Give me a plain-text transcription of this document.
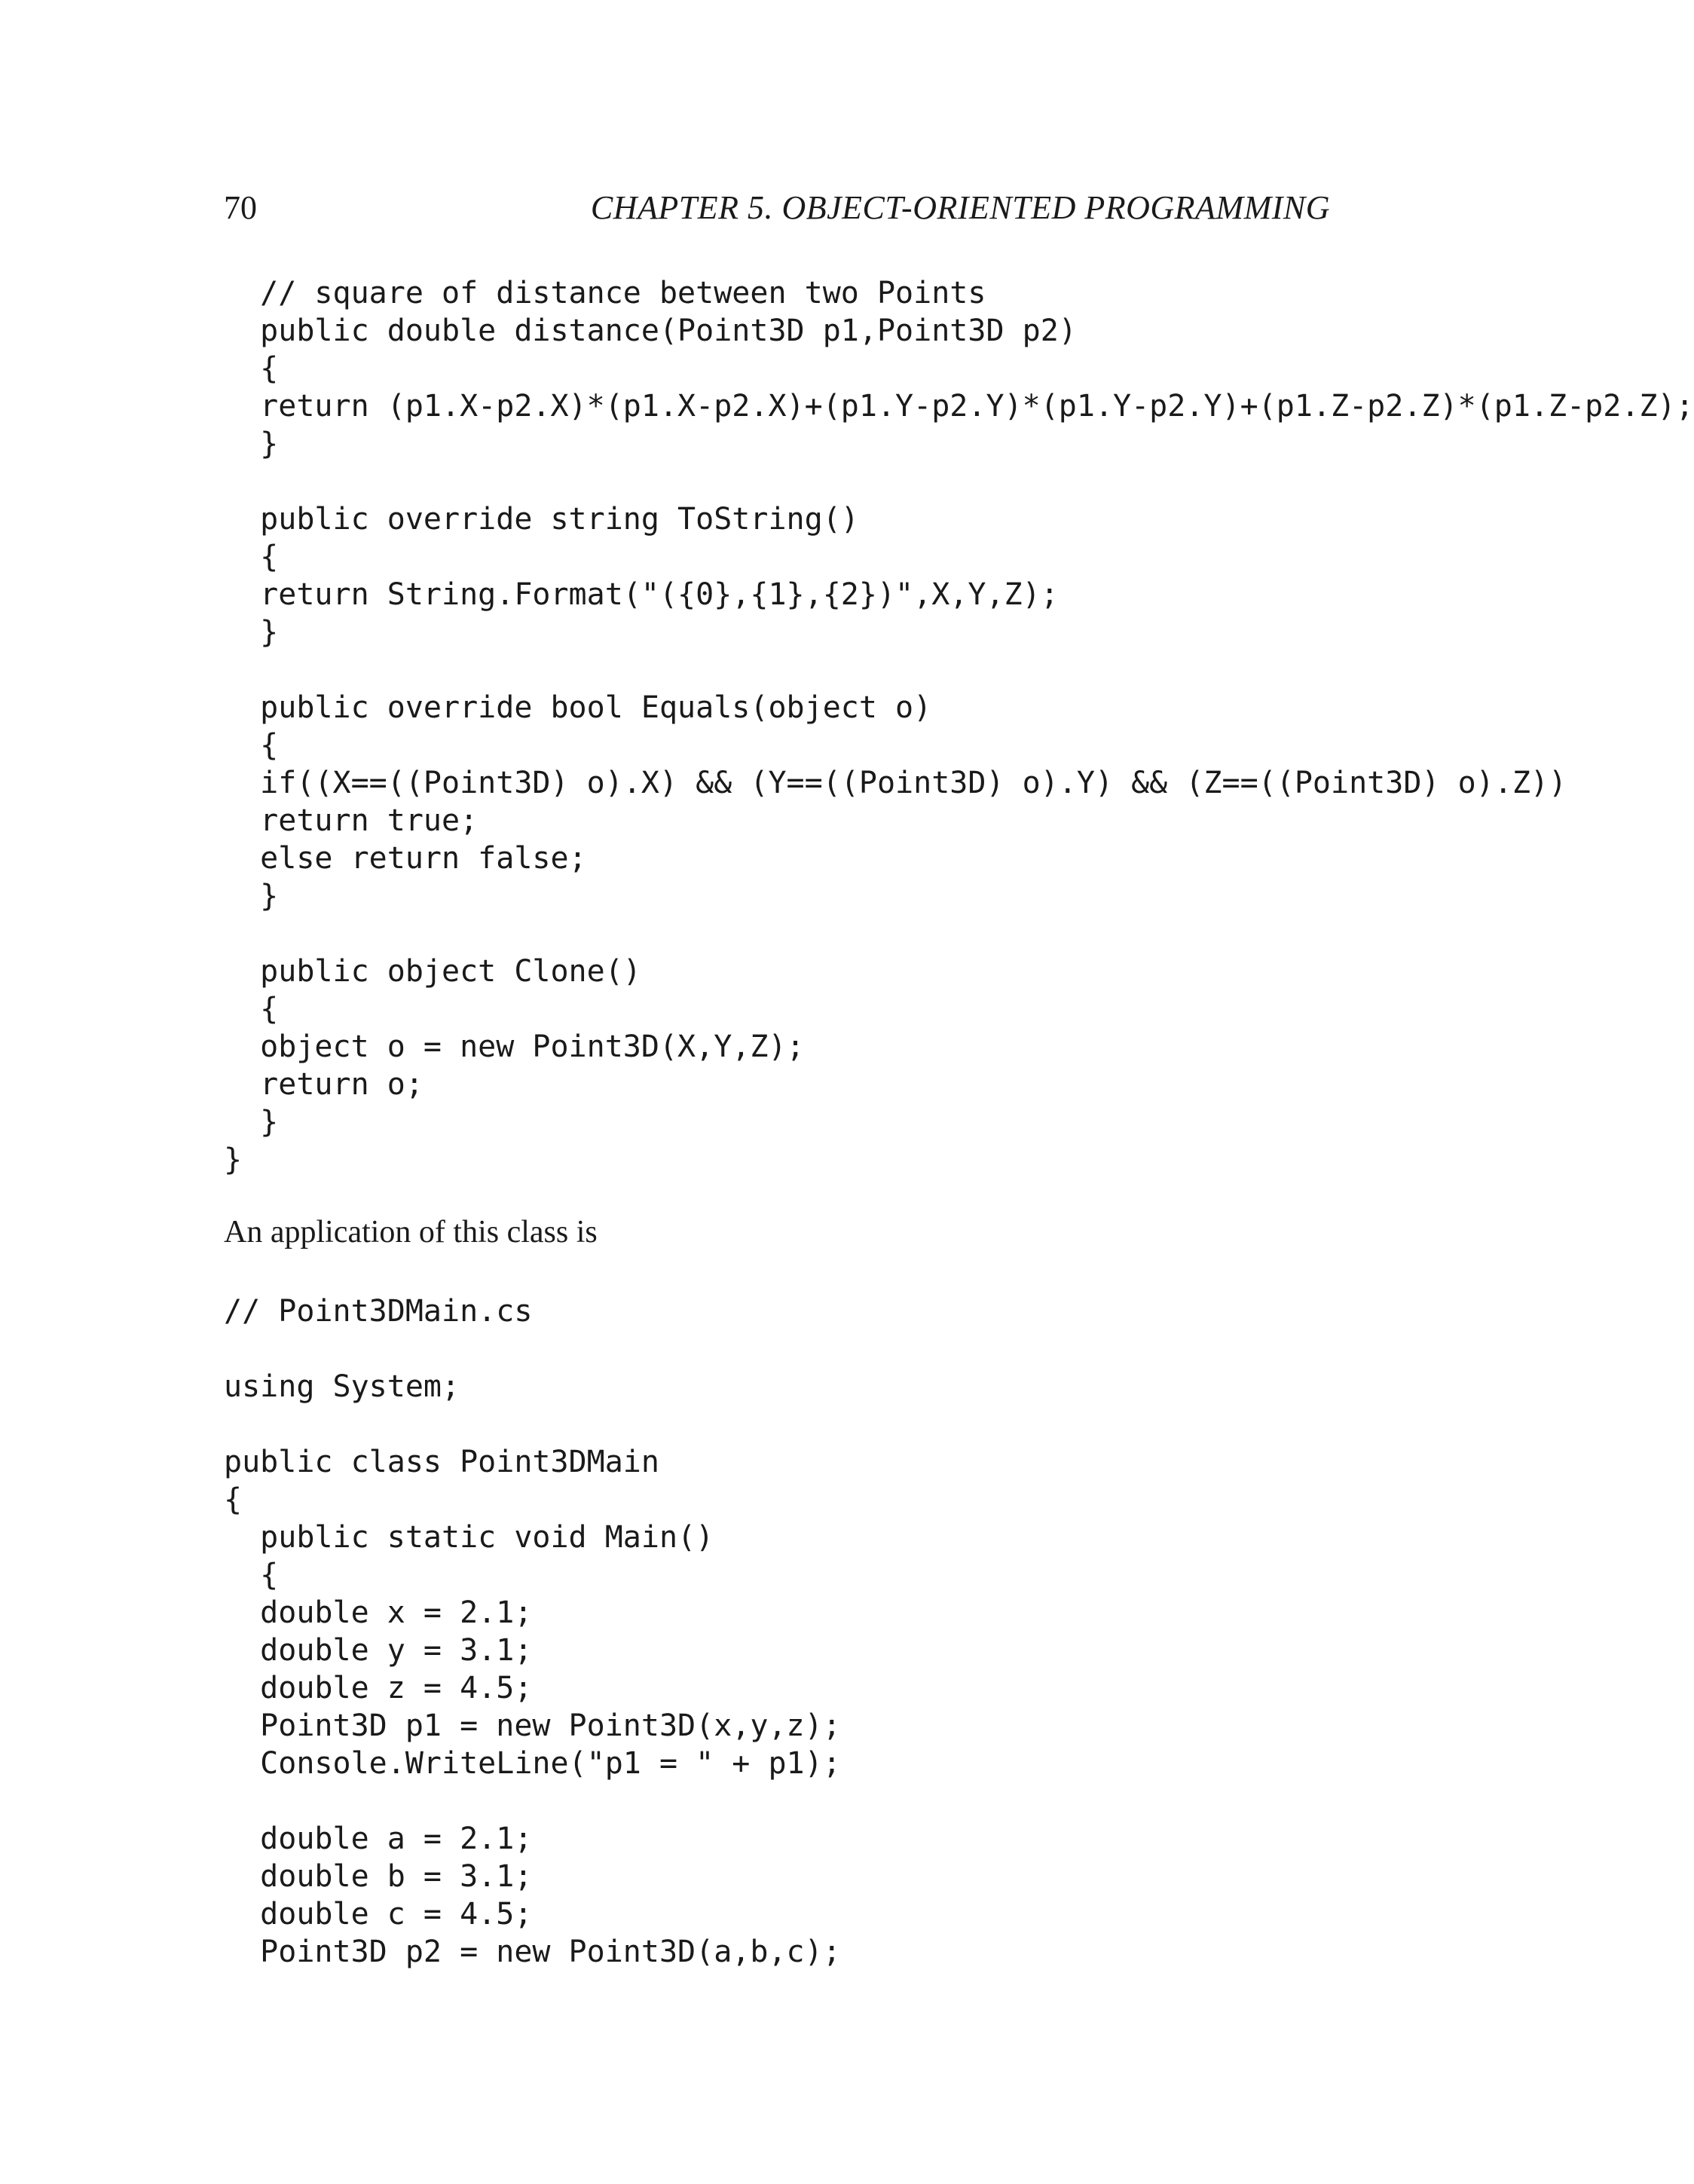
70	CHAPTER 5. OBJECT-ORIENTED PROGRAMMING
// square of distance between two Points
public double distance(Point3D p1,Point3D p2)
{
return (p1.X-p2.X)*(p1.X-p2.X)+(p1.Y-p2.Y)*(p1.Y-p2.Y)+(p1.Z-p2.Z)*(p1.Z-p2.Z);
}
public override string ToString()
{
return String.Format("({0},{1},{2})",X,Y,Z);
}
public override bool Equals(object o)
{
if((X==((Point3D) o).X) && (Y==((Point3D) o).Y) && (Z==((Point3D) o).Z))
return true;
else return false;
}
public object Clone()
{
object o = new Point3D(X,Y,Z);
return o;
}
}
An application of this class is
// Point3DMain.cs
using System;
public class Point3DMain
{
public static void Main()
{
double x = 2.1;
double y = 3.1;
double z = 4.5;
Point3D p1 = new Point3D(x,y,z);
Console.WriteLine("p1 = " + p1);
double a = 2.1;
double b = 3.1;
double c = 4.5;
Point3D p2 = new Point3D(a,b,c);
